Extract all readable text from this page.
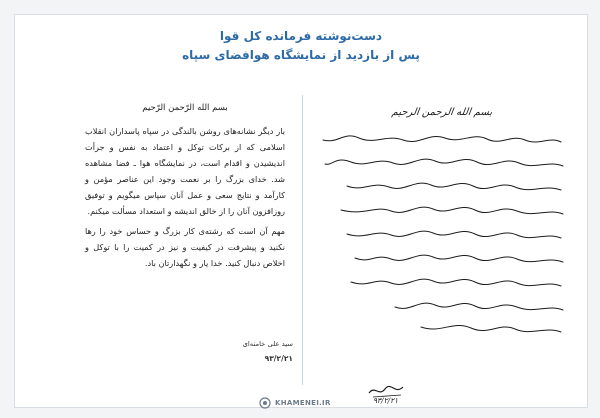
دست‌نوشته فرمانده کل قوا
پس از بازدید از نمایشگاه هوافضای سپاه
بسم الله الرّحمن الرّحیم

بار دیگر نشانه‌های روشن بالندگی در سپاه پاسداران انقلاب اسلامی که از برکات توکل و اعتماد به نفس و جرأت اندیشیدن و اقدام است، در نمایشگاه هوا ـ فضا مشاهده شد. خدای بزرگ را بر نعمت وجود این عناصر مؤمن و کارآمد و نتایج سعی و عمل آنان سپاس میگویم و توفیق روزافزون آنان را از خالق اندیشه و استعداد مسألت میکنم.

مهم آن است که رشته‌ی کار بزرگ و حساس خود را رها نکنید و پیشرفت در کیفیت و نیز در کمیت را با توکل و اخلاص دنبال کنید. خدا یار و نگهدارتان باد.

سید علی خامنه‌ای
۹۳/۲/۲۱
بسم الله الرحمن الرحیم
۹۳/۲/۲۱
KHAMENEI.IR
